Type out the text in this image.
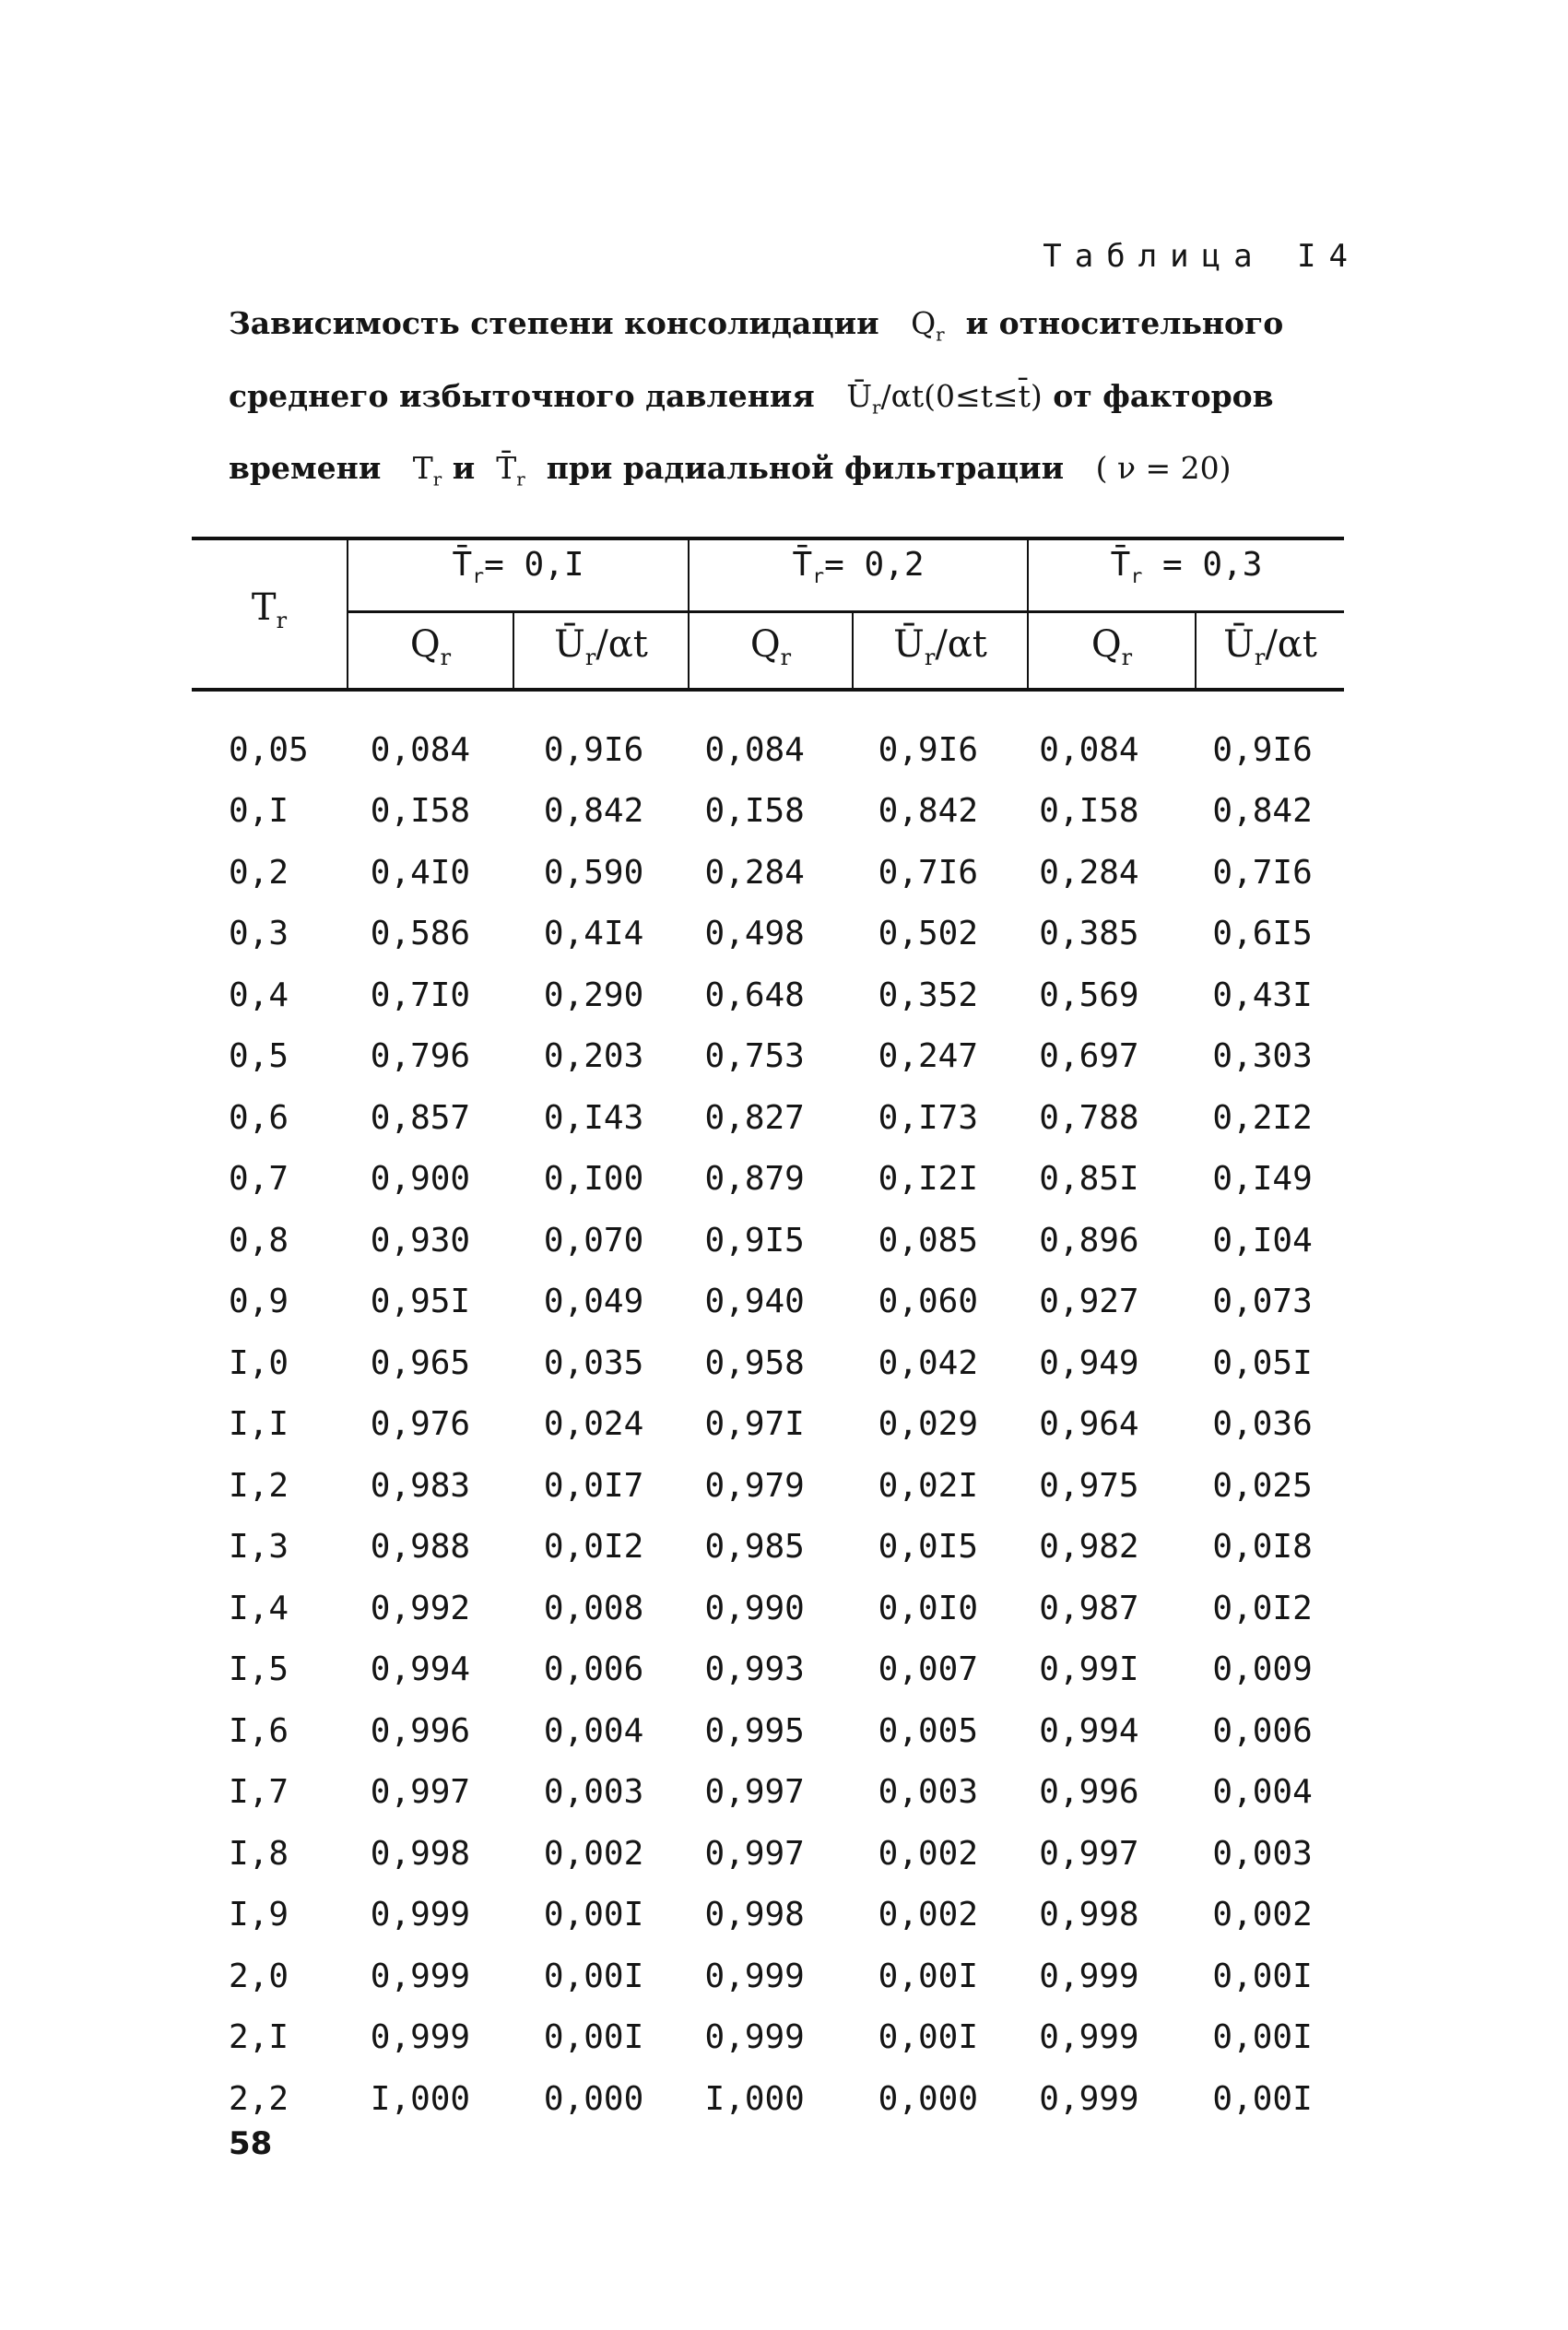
Таблица I4
Зависимость степени консолидации $Q_r$ и относительного
среднего избыточного давления $Ū_r/\alpha t(0\le t\le t̄)$ от факторов
времени $T_r$ и $T̄_r$ при радиальной фильтрации ( ν = 20)
$T_r$
$T̄_r= 0,I$	$T̄_r= 0,2$	$T̄_r = 0,3$
$Q_r$	$Ū_r/\alpha t$	$Q_r$	$Ū_r/\alpha t$	$Q_r$	$Ū_r/\alpha t$
0,05	0,084	0,9I6	0,084	0,9I6	0,084	0,9I6
0,I	0,I58	0,842	0,I58	0,842	0,I58	0,842
0,2	0,4I0	0,590	0,284	0,7I6	0,284	0,7I6
0,3	0,586	0,4I4	0,498	0,502	0,385	0,6I5
0,4	0,7I0	0,290	0,648	0,352	0,569	0,43I
0,5	0,796	0,203	0,753	0,247	0,697	0,303
0,6	0,857	0,I43	0,827	0,I73	0,788	0,2I2
0,7	0,900	0,I00	0,879	0,I2I	0,85I	0,I49
0,8	0,930	0,070	0,9I5	0,085	0,896	0,I04
0,9	0,95I	0,049	0,940	0,060	0,927	0,073
I,0	0,965	0,035	0,958	0,042	0,949	0,05I
I,I	0,976	0,024	0,97I	0,029	0,964	0,036
I,2	0,983	0,0I7	0,979	0,02I	0,975	0,025
I,3	0,988	0,0I2	0,985	0,0I5	0,982	0,0I8
I,4	0,992	0,008	0,990	0,0I0	0,987	0,0I2
I,5	0,994	0,006	0,993	0,007	0,99I	0,009
I,6	0,996	0,004	0,995	0,005	0,994	0,006
I,7	0,997	0,003	0,997	0,003	0,996	0,004
I,8	0,998	0,002	0,997	0,002	0,997	0,003
I,9	0,999	0,00I	0,998	0,002	0,998	0,002
2,0	0,999	0,00I	0,999	0,00I	0,999	0,00I
2,I	0,999	0,00I	0,999	0,00I	0,999	0,00I
2,2	I,000	0,000	I,000	0,000	0,999	0,00I
58
